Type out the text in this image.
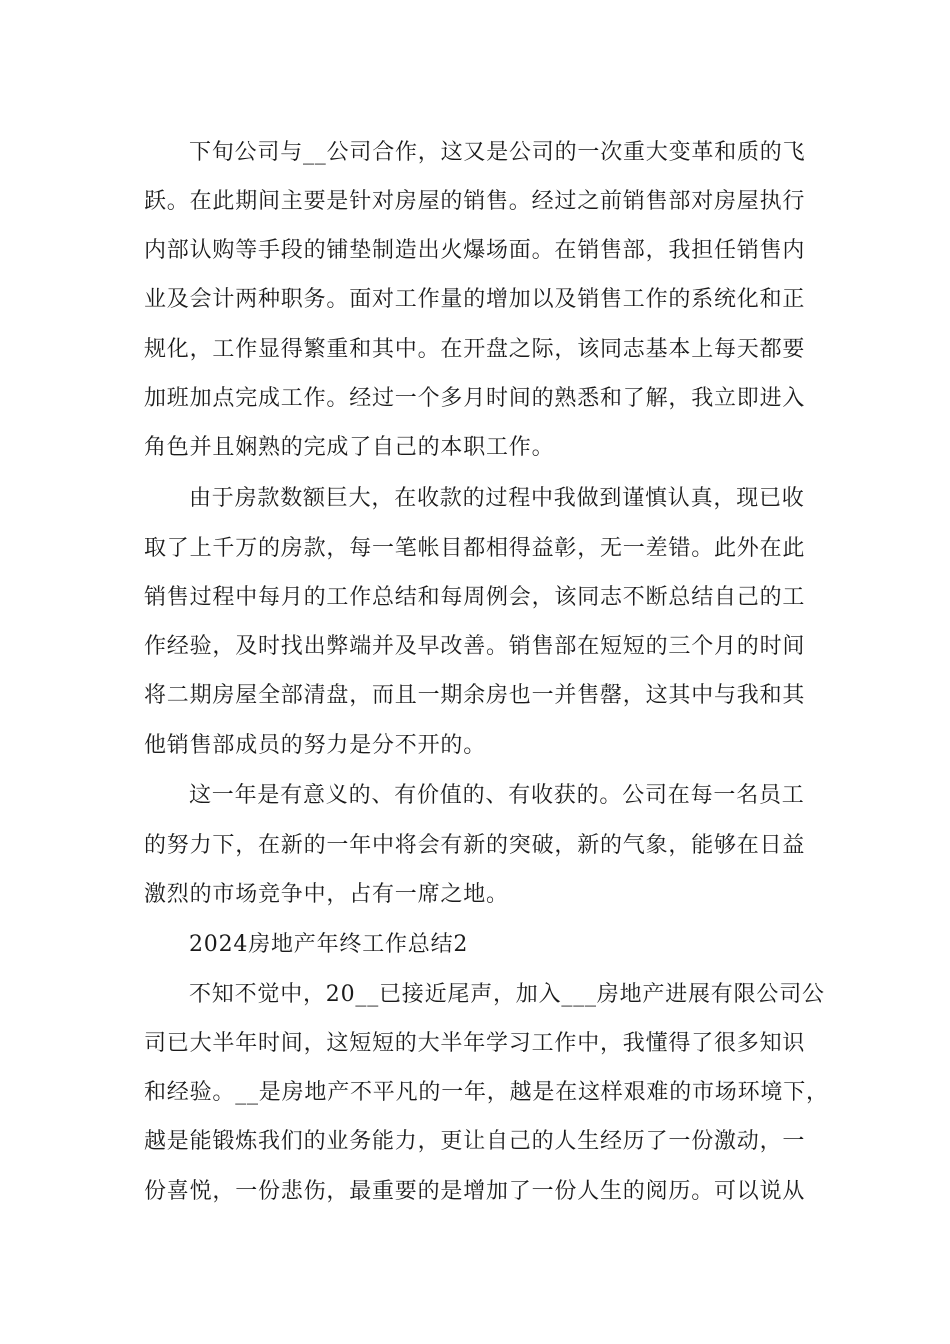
下旬公司与__公司合作，这又是公司的一次重大变革和质的飞
跃。在此期间主要是针对房屋的销售。经过之前销售部对房屋执行
内部认购等手段的铺垫制造出火爆场面。在销售部，我担任销售内
业及会计两种职务。面对工作量的增加以及销售工作的系统化和正
规化，工作显得繁重和其中。在开盘之际，该同志基本上每天都要
加班加点完成工作。经过一个多月时间的熟悉和了解，我立即进入
角色并且娴熟的完成了自己的本职工作。
由于房款数额巨大，在收款的过程中我做到谨慎认真，现已收
取了上千万的房款，每一笔帐目都相得益彰，无一差错。此外在此
销售过程中每月的工作总结和每周例会，该同志不断总结自己的工
作经验，及时找出弊端并及早改善。销售部在短短的三个月的时间
将二期房屋全部清盘，而且一期余房也一并售罄，这其中与我和其
他销售部成员的努力是分不开的。
这一年是有意义的、有价值的、有收获的。公司在每一名员工
的努力下，在新的一年中将会有新的突破，新的气象，能够在日益
激烈的市场竞争中，占有一席之地。
2024房地产年终工作总结2
不知不觉中，20__已接近尾声，加入___房地产进展有限公司公
司已大半年时间，这短短的大半年学习工作中，我懂得了很多知识
和经验。__是房地产不平凡的一年，越是在这样艰难的市场环境下，
越是能锻炼我们的业务能力，更让自己的人生经历了一份激动，一
份喜悦，一份悲伤，最重要的是增加了一份人生的阅历。可以说从
